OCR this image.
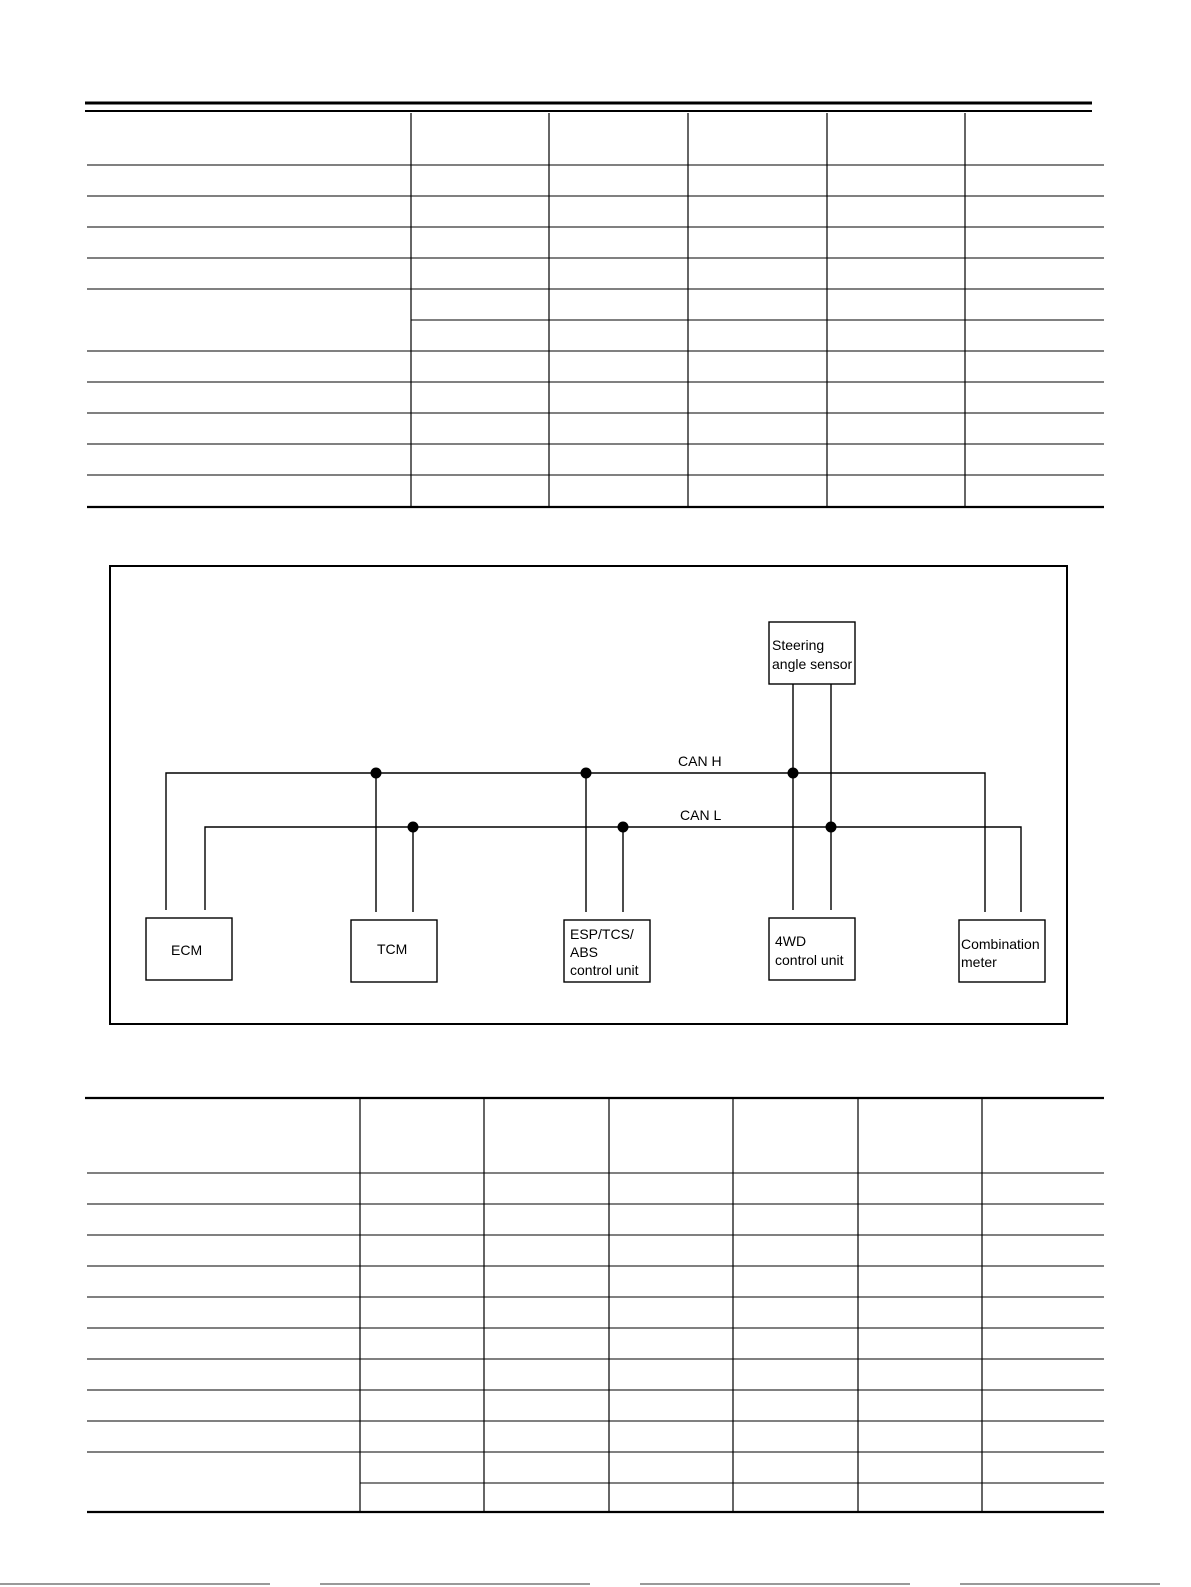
CAN H
CAN L
Steering angle sensor
ECM	TCM
ESP/TCS/ ABS control unit
4WD control unit
Combination meter
